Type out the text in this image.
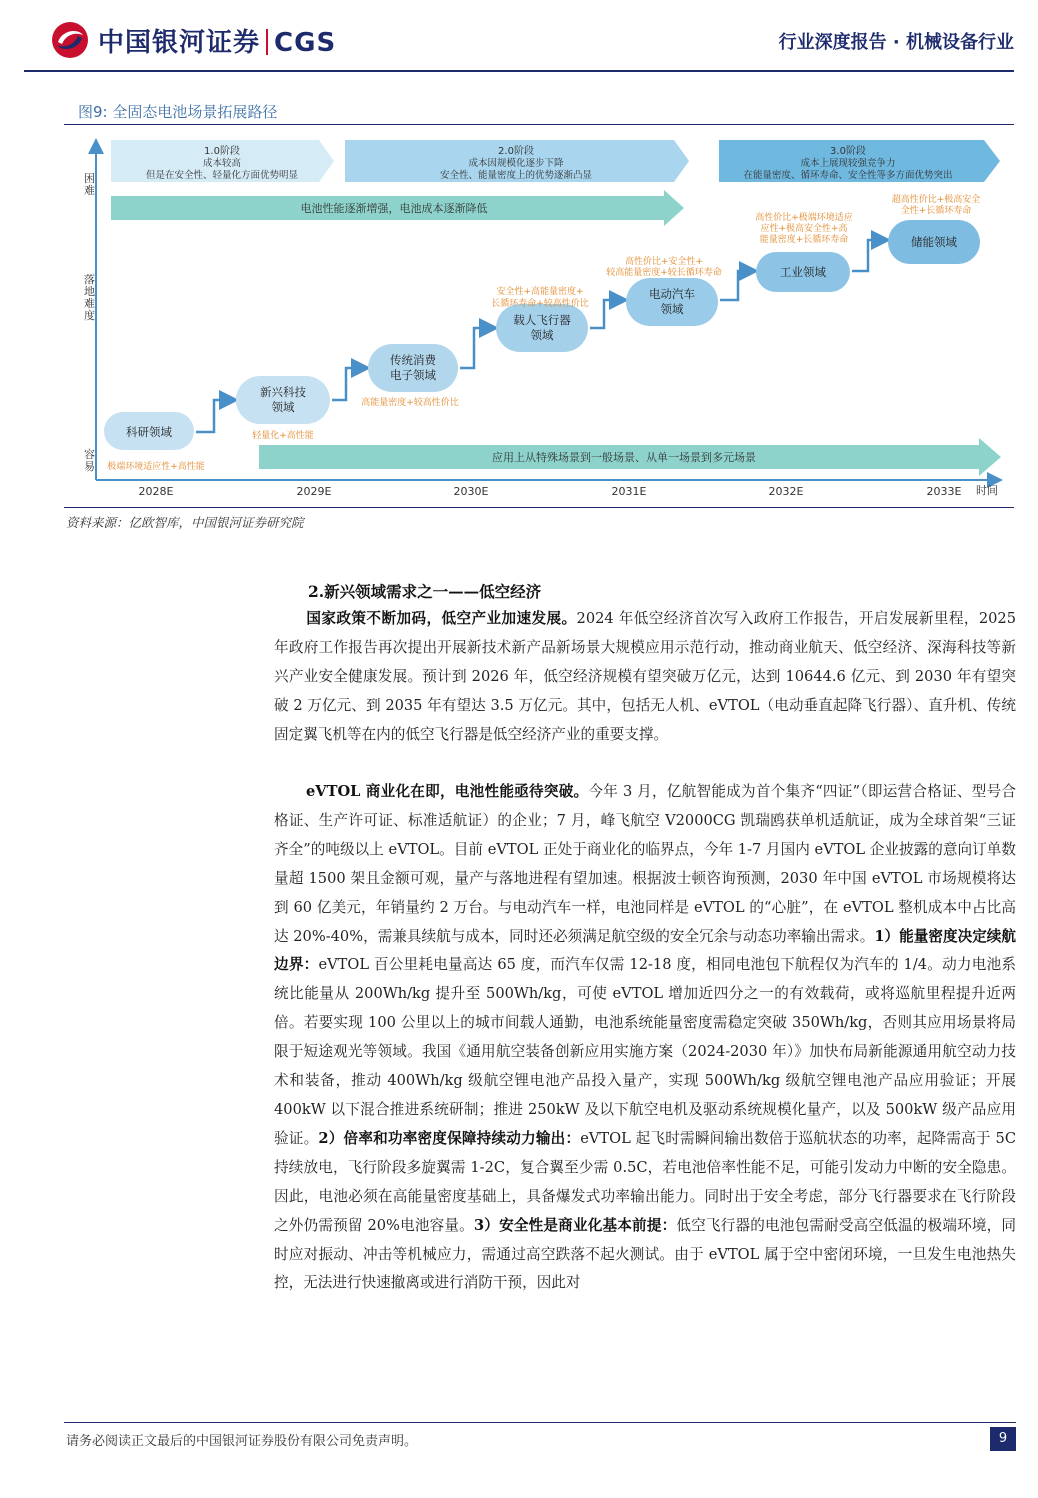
中国银河证券 CGS	行业深度报告 · 机械设备行业
图9: 全固态电池场景拓展路径
困难
落地难度
容易
1.0阶段
成本较高
但是在安全性、轻量化方面优势明显
2.0阶段
成本因规模化逐步下降
安全性、能量密度上的优势逐渐凸显
3.0阶段
成本上展现较强竞争力
在能量密度、循环寿命、安全性等多方面优势突出
电池性能逐渐增强，电池成本逐渐降低
应用上从特殊场景到一般场景、从单一场景到多元场景
科研领域
新兴科技
领域
传统消费
电子领域
载人飞行器
领域
电动汽车
领域
工业领域
储能领域
极端环境适应性+高性能
轻量化+高性能
高能量密度+较高性价比
安全性+高能量密度+
长循环寿命+较高性价比
高性价比+安全性+
较高能量密度+较长循环寿命
高性价比+极端环境适应
应性+极高安全性+高
能量密度+长循环寿命
超高性价比+极高安全
全性+长循环寿命
2028E	2029E	2030E	2031E	2032E	2033E 时间
资料来源：亿欧智库，中国银河证券研究院
2.新兴领域需求之一——低空经济
国家政策不断加码，低空产业加速发展。2024 年低空经济首次写入政府工作报告，开启发展新里程，2025 年政府工作报告再次提出开展新技术新产品新场景大规模应用示范行动，推动商业航天、低空经济、深海科技等新兴产业安全健康发展。预计到 2026 年，低空经济规模有望突破万亿元，达到 10644.6 亿元、到 2030 年有望突破 2 万亿元、到 2035 年有望达 3.5 万亿元。其中，包括无人机、eVTOL（电动垂直起降飞行器）、直升机、传统固定翼飞机等在内的低空飞行器是低空经济产业的重要支撑。
eVTOL 商业化在即，电池性能亟待突破。今年 3 月，亿航智能成为首个集齐“四证”（即运营合格证、型号合格证、生产许可证、标准适航证）的企业；7 月，峰飞航空 V2000CG 凯瑞鸥获单机适航证，成为全球首架“三证齐全”的吨级以上 eVTOL。目前 eVTOL 正处于商业化的临界点，今年 1-7 月国内 eVTOL 企业披露的意向订单数量超 1500 架且金额可观，量产与落地进程有望加速。根据波士顿咨询预测，2030 年中国 eVTOL 市场规模将达到 60 亿美元，年销量约 2 万台。与电动汽车一样，电池同样是 eVTOL 的“心脏”，在 eVTOL 整机成本中占比高达 20%-40%，需兼具续航与成本，同时还必须满足航空级的安全冗余与动态功率输出需求。1）能量密度决定续航边界：eVTOL 百公里耗电量高达 65 度，而汽车仅需 12-18 度，相同电池包下航程仅为汽车的 1/4。动力电池系统比能量从 200Wh/kg 提升至 500Wh/kg，可使 eVTOL 增加近四分之一的有效载荷，或将巡航里程提升近两倍。若要实现 100 公里以上的城市间载人通勤，电池系统能量密度需稳定突破 350Wh/kg，否则其应用场景将局限于短途观光等领域。我国《通用航空装备创新应用实施方案（2024-2030 年）》加快布局新能源通用航空动力技术和装备，推动 400Wh/kg 级航空锂电池产品投入量产，实现 500Wh/kg 级航空锂电池产品应用验证；开展 400kW 以下混合推进系统研制；推进 250kW 及以下航空电机及驱动系统规模化量产，以及 500kW 级产品应用验证。2）倍率和功率密度保障持续动力输出：eVTOL 起飞时需瞬间输出数倍于巡航状态的功率，起降需高于 5C 持续放电，飞行阶段多旋翼需 1-2C，复合翼至少需 0.5C，若电池倍率性能不足，可能引发动力中断的安全隐患。因此，电池必须在高能量密度基础上，具备爆发式功率输出能力。同时出于安全考虑，部分飞行器要求在飞行阶段之外仍需预留 20%电池容量。3）安全性是商业化基本前提：低空飞行器的电池包需耐受高空低温的极端环境，同时应对振动、冲击等机械应力，需通过高空跌落不起火测试。由于 eVTOL 属于空中密闭环境，一旦发生电池热失控，无法进行快速撤离或进行消防干预，因此对
请务必阅读正文最后的中国银河证券股份有限公司免责声明。	9
